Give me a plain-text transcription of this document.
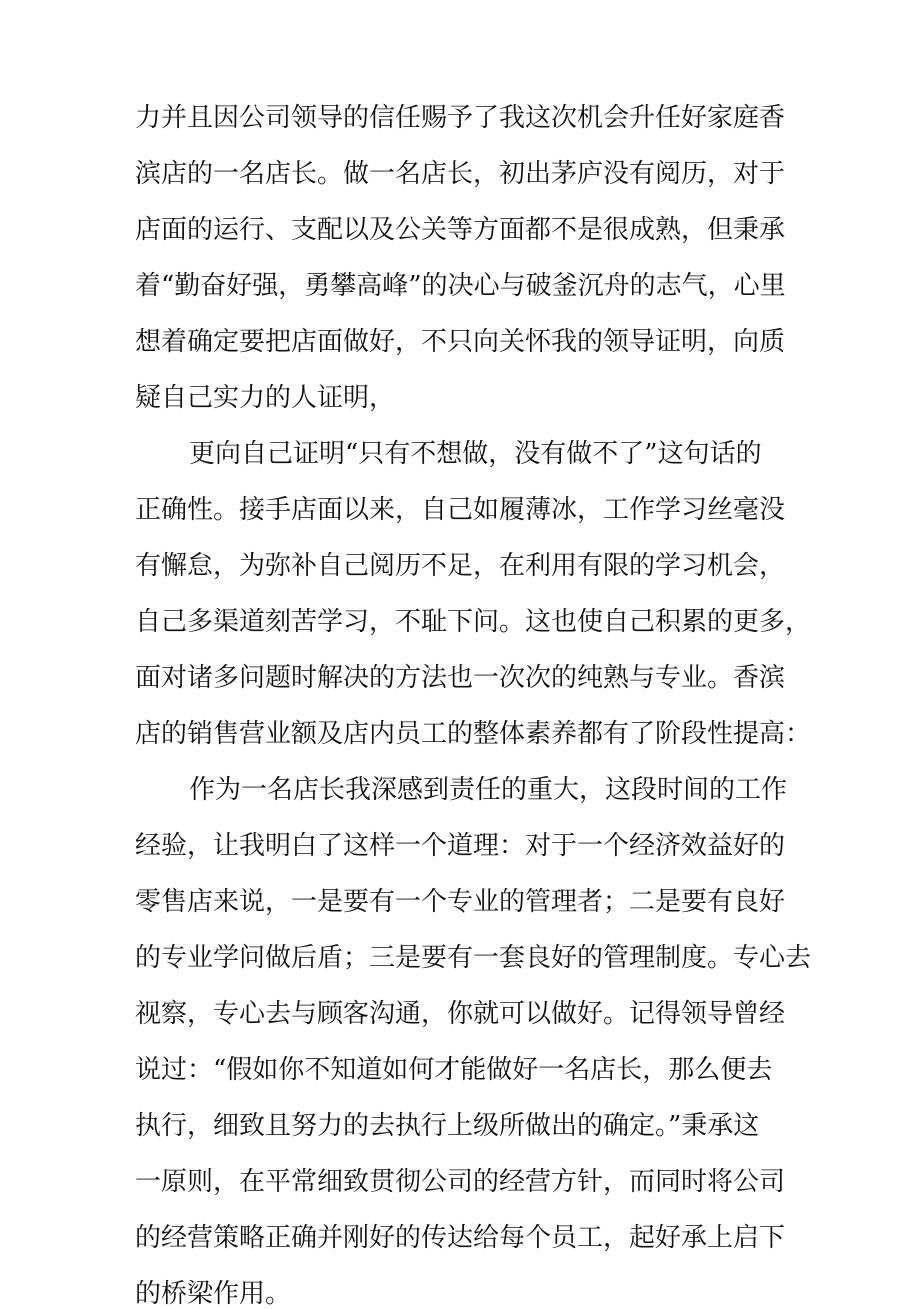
力并且因公司领导的信任赐予了我这次机会升任好家庭香
滨店的一名店长。做一名店长，初出茅庐没有阅历，对于
店面的运行、支配以及公关等方面都不是很成熟，但秉承
着“勤奋好强，勇攀高峰”的决心与破釜沉舟的志气，心里
想着确定要把店面做好，不只向关怀我的领导证明，向质
疑自己实力的人证明，
更向自己证明“只有不想做，没有做不了”这句话的
正确性。接手店面以来，自己如履薄冰，工作学习丝毫没
有懈怠，为弥补自己阅历不足，在利用有限的学习机会，
自己多渠道刻苦学习，不耻下问。这也使自己积累的更多，
面对诸多问题时解决的方法也一次次的纯熟与专业。香滨
店的销售营业额及店内员工的整体素养都有了阶段性提高：
作为一名店长我深感到责任的重大，这段时间的工作
经验，让我明白了这样一个道理：对于一个经济效益好的
零售店来说，一是要有一个专业的管理者；二是要有良好
的专业学问做后盾；三是要有一套良好的管理制度。专心去
视察，专心去与顾客沟通，你就可以做好。记得领导曾经
说过：“假如你不知道如何才能做好一名店长，那么便去
执行，细致且努力的去执行上级所做出的确定。”秉承这
一原则，在平常细致贯彻公司的经营方针，而同时将公司
的经营策略正确并刚好的传达给每个员工，起好承上启下
的桥梁作用。
